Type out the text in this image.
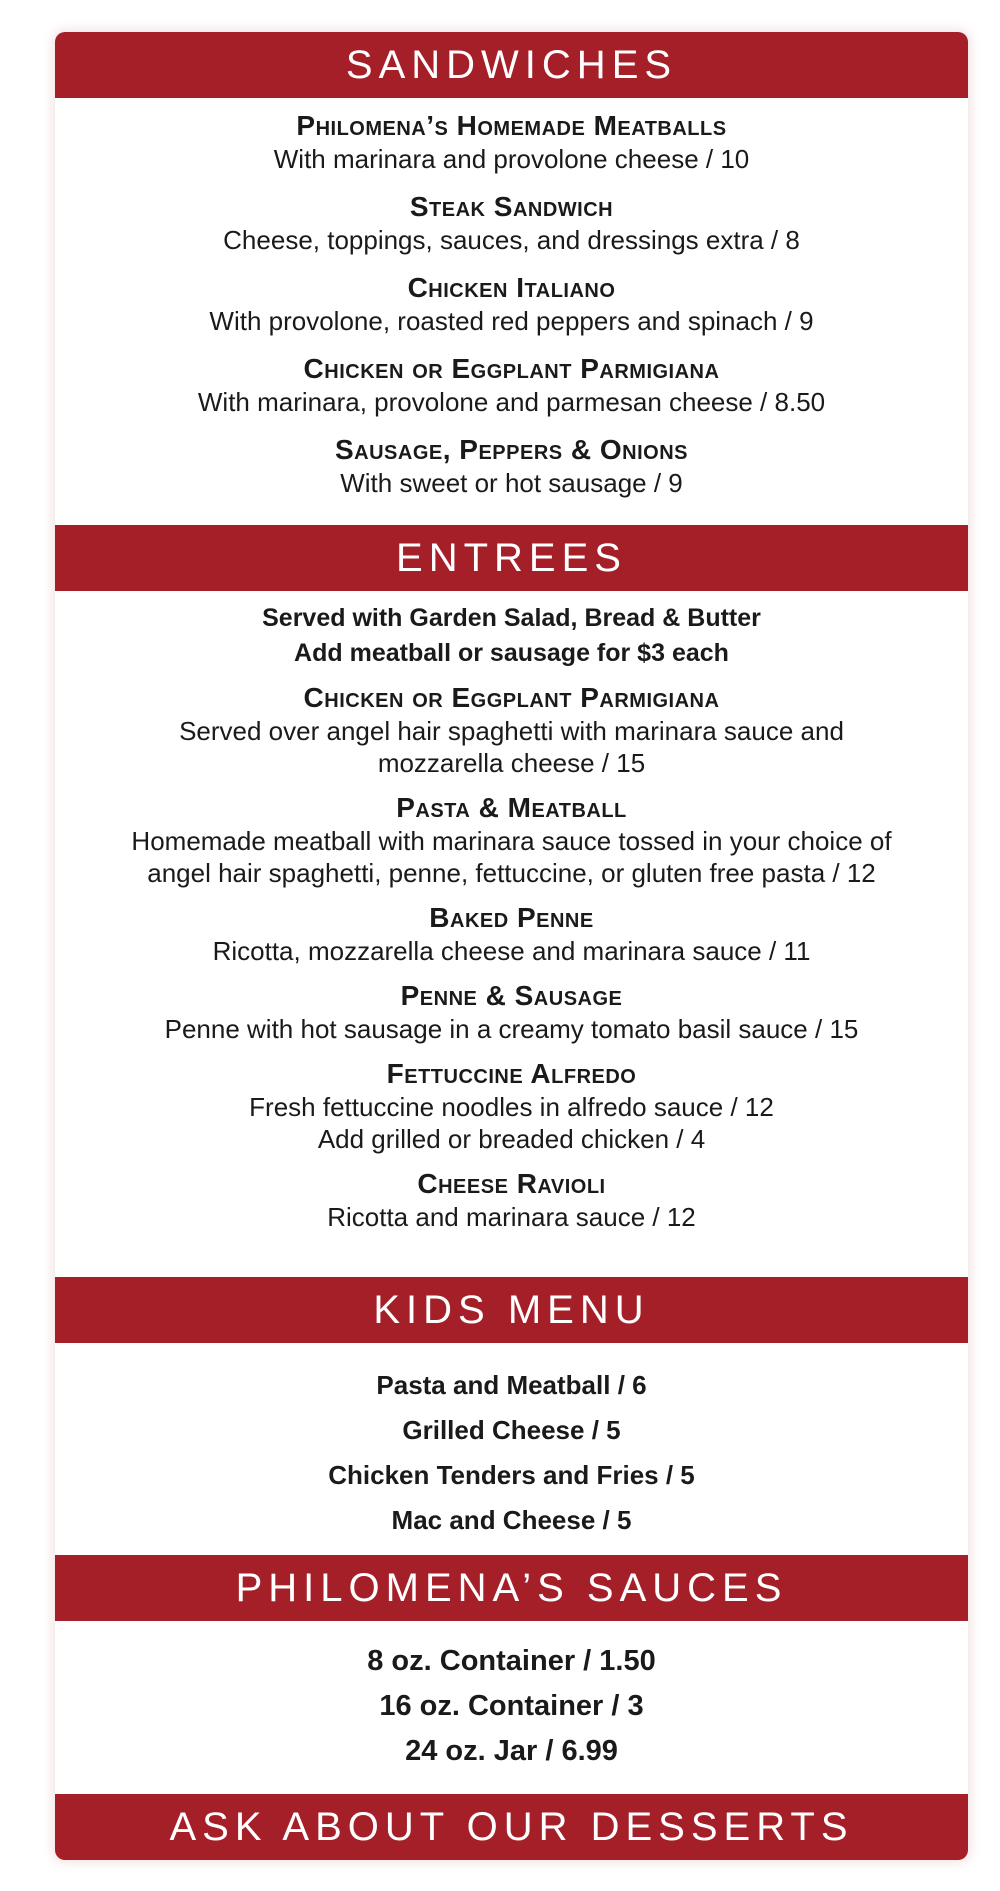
SANDWICHES
Philomena’s Homemade Meatballs
With marinara and provolone cheese / 10
Steak Sandwich
Cheese, toppings, sauces, and dressings extra / 8
Chicken Italiano
With provolone, roasted red peppers and spinach / 9
Chicken or Eggplant Parmigiana
With marinara, provolone and parmesan cheese / 8.50
Sausage, Peppers & Onions
With sweet or hot sausage / 9
ENTREES
Served with Garden Salad, Bread & Butter
Add meatball or sausage for $3 each
Chicken or Eggplant Parmigiana
Served over angel hair spaghetti with marinara sauce and
mozzarella cheese / 15
Pasta & Meatball
Homemade meatball with marinara sauce tossed in your choice of
angel hair spaghetti, penne, fettuccine, or gluten free pasta / 12
Baked Penne
Ricotta, mozzarella cheese and marinara sauce / 11
Penne & Sausage
Penne with hot sausage in a creamy tomato basil sauce / 15
Fettuccine Alfredo
Fresh fettuccine noodles in alfredo sauce / 12
Add grilled or breaded chicken / 4
Cheese Ravioli
Ricotta and marinara sauce / 12
KIDS MENU
Pasta and Meatball / 6
Grilled Cheese / 5
Chicken Tenders and Fries / 5
Mac and Cheese / 5
PHILOMENA’S SAUCES
8 oz. Container / 1.50
16 oz. Container / 3
24 oz. Jar / 6.99
ASK ABOUT OUR DESSERTS
